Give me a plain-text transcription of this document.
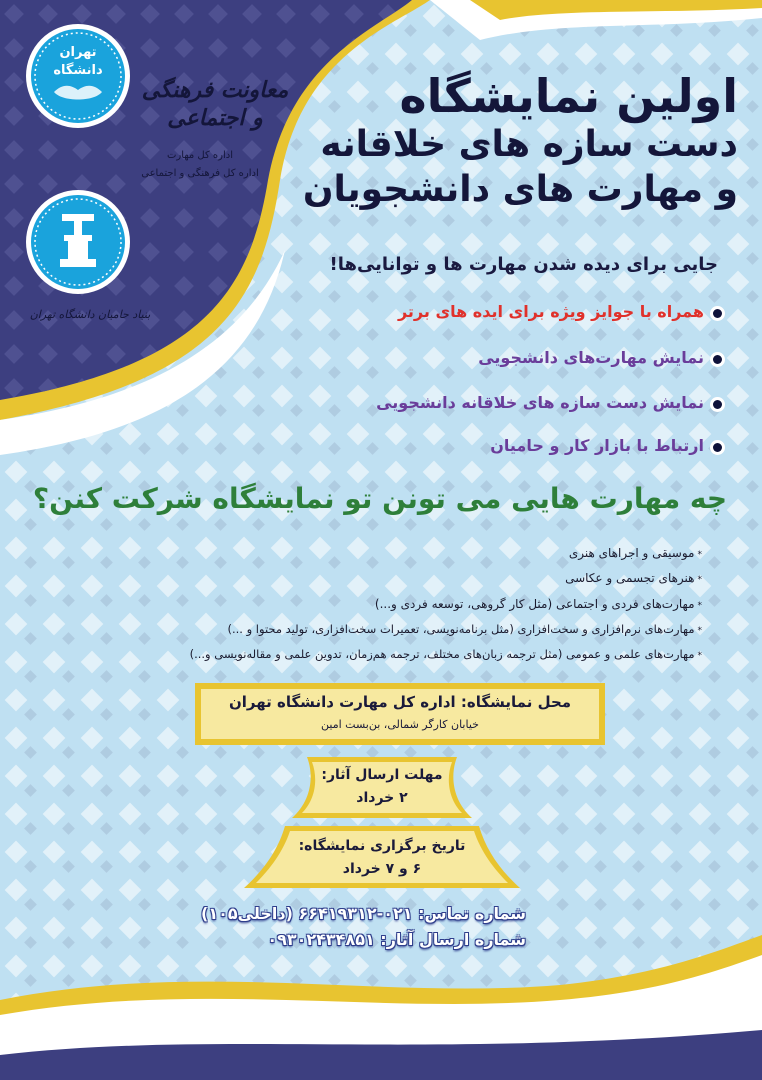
تهران دانشگاه
معاونت فرهنگی و اجتماعی
اداره کل مهارت
اداره کل فرهنگی و اجتماعی
بنیاد حامیان دانشگاه تهران
اولین نمایشگاه
دست سازه های خلاقانه
و مهارت های دانشجویان
جایی برای دیده شدن مهارت ها و توانایی‌ها!
همراه با جوایز ویژه برای ایده های برتر
نمایش مهارت‌های دانشجویی
نمایش دست سازه های خلاقانه دانشجویی
ارتباط با بازار کار و حامیان
چه مهارت هایی می تونن تو نمایشگاه شرکت کنن؟
*موسیقی و اجراهای هنری
*هنرهای تجسمی و عکاسی
*مهارت‌های فردی و اجتماعی (مثل کار گروهی، توسعه فردی و...)
*مهارت‌های نرم‌افزاری و سخت‌افزاری (مثل برنامه‌نویسی، تعمیرات سخت‌افزاری، تولید محتوا و ...)
*مهارت‌های علمی و عمومی (مثل ترجمه زبان‌های مختلف، ترجمه هم‌زمان، تدوین علمی و مقاله‌نویسی و...)
محل نمایشگاه: اداره کل مهارت دانشگاه تهران
خیابان کارگر شمالی، بن‌بست امین
مهلت ارسال آثار:
۲ خرداد
تاریخ برگزاری نمایشگاه:
۶ و ۷ خرداد
شماره تماس: ۰۲۱-۶۶۴۱۹۳۱۲ (داخلی۱۰۵)
شماره ارسال آثار: ۰۹۳۰۲۴۳۴۸۵۱
